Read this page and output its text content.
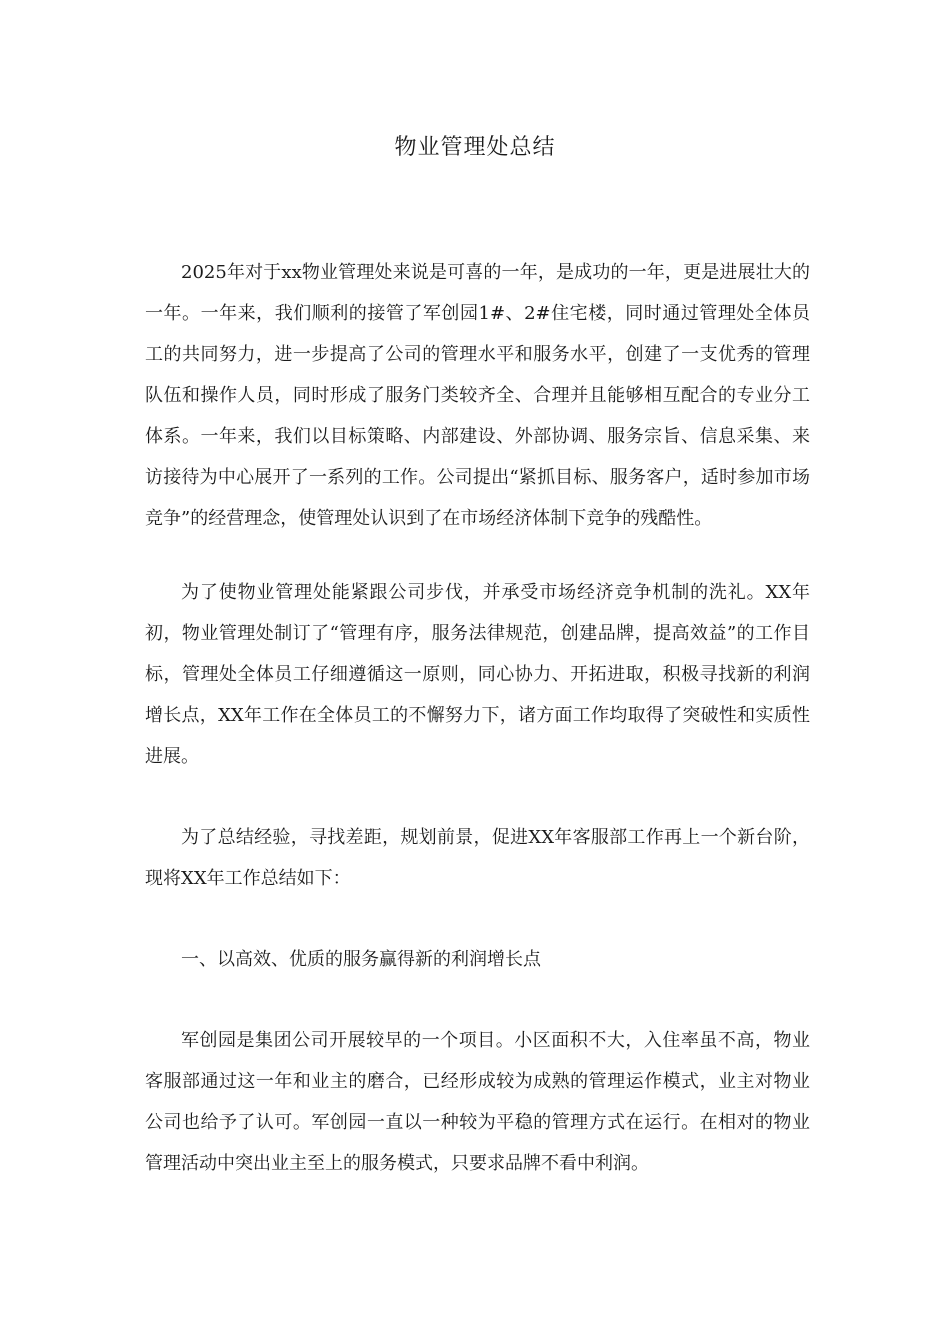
物业管理处总结

2025年对于xx物业管理处来说是可喜的一年，是成功的一年，更是进展壮大的一年。一年来，我们顺利的接管了军创园1#、2#住宅楼，同时通过管理处全体员工的共同努力，进一步提高了公司的管理水平和服务水平，创建了一支优秀的管理队伍和操作人员，同时形成了服务门类较齐全、合理并且能够相互配合的专业分工体系。一年来，我们以目标策略、内部建设、外部协调、服务宗旨、信息采集、来访接待为中心展开了一系列的工作。公司提出“紧抓目标、服务客户，适时参加市场竞争”的经营理念，使管理处认识到了在市场经济体制下竞争的残酷性。

为了使物业管理处能紧跟公司步伐，并承受市场经济竞争机制的洗礼。XX年初，物业管理处制订了“管理有序，服务法律规范，创建品牌，提高效益”的工作目标，管理处全体员工仔细遵循这一原则，同心协力、开拓进取，积极寻找新的利润增长点，XX年工作在全体员工的不懈努力下，诸方面工作均取得了突破性和实质性进展。

为了总结经验，寻找差距，规划前景，促进XX年客服部工作再上一个新台阶，现将XX年工作总结如下：

一、以高效、优质的服务赢得新的利润增长点

军创园是集团公司开展较早的一个项目。小区面积不大，入住率虽不高，物业客服部通过这一年和业主的磨合，已经形成较为成熟的管理运作模式，业主对物业公司也给予了认可。军创园一直以一种较为平稳的管理方式在运行。在相对的物业管理活动中突出业主至上的服务模式，只要求品牌不看中利润。
